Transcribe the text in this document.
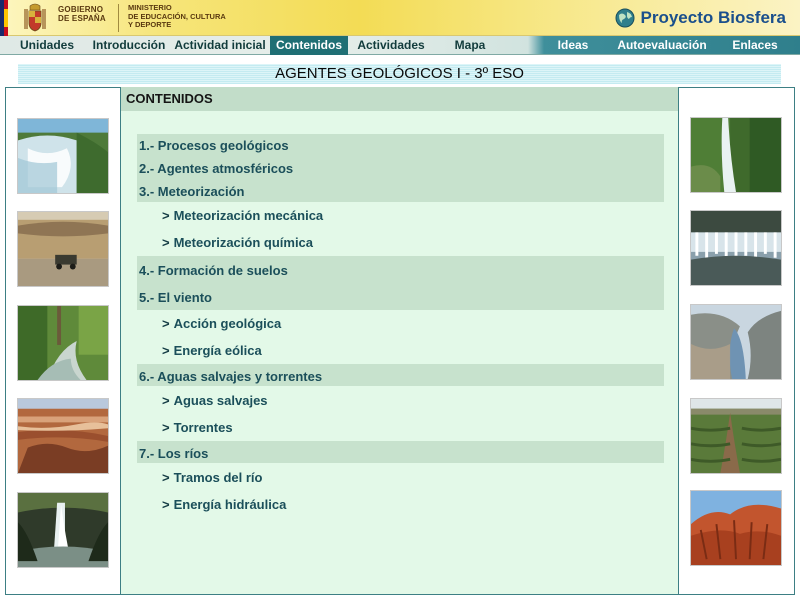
GOBIERNO
DE ESPAÑA
MINISTERIO
DE EDUCACIÓN, CULTURA
Y DEPORTE	Proyecto Biosfera
Unidades	Introducción Actividad inicial Contenidos	Actividades	Mapa	Ideas	Autoevaluación	Enlaces
AGENTES GEOLÓGICOS I - 3º ESO
CONTENIDOS
1.- Procesos geológicos
2.- Agentes atmosféricos
3.- Meteorización
> Meteorización mecánica
> Meteorización química
4.- Formación de suelos
5.- El viento
> Acción geológica
> Energía eólica
6.- Aguas salvajes y torrentes
> Aguas salvajes
> Torrentes
7.- Los ríos
> Tramos del río
> Energía hidráulica
